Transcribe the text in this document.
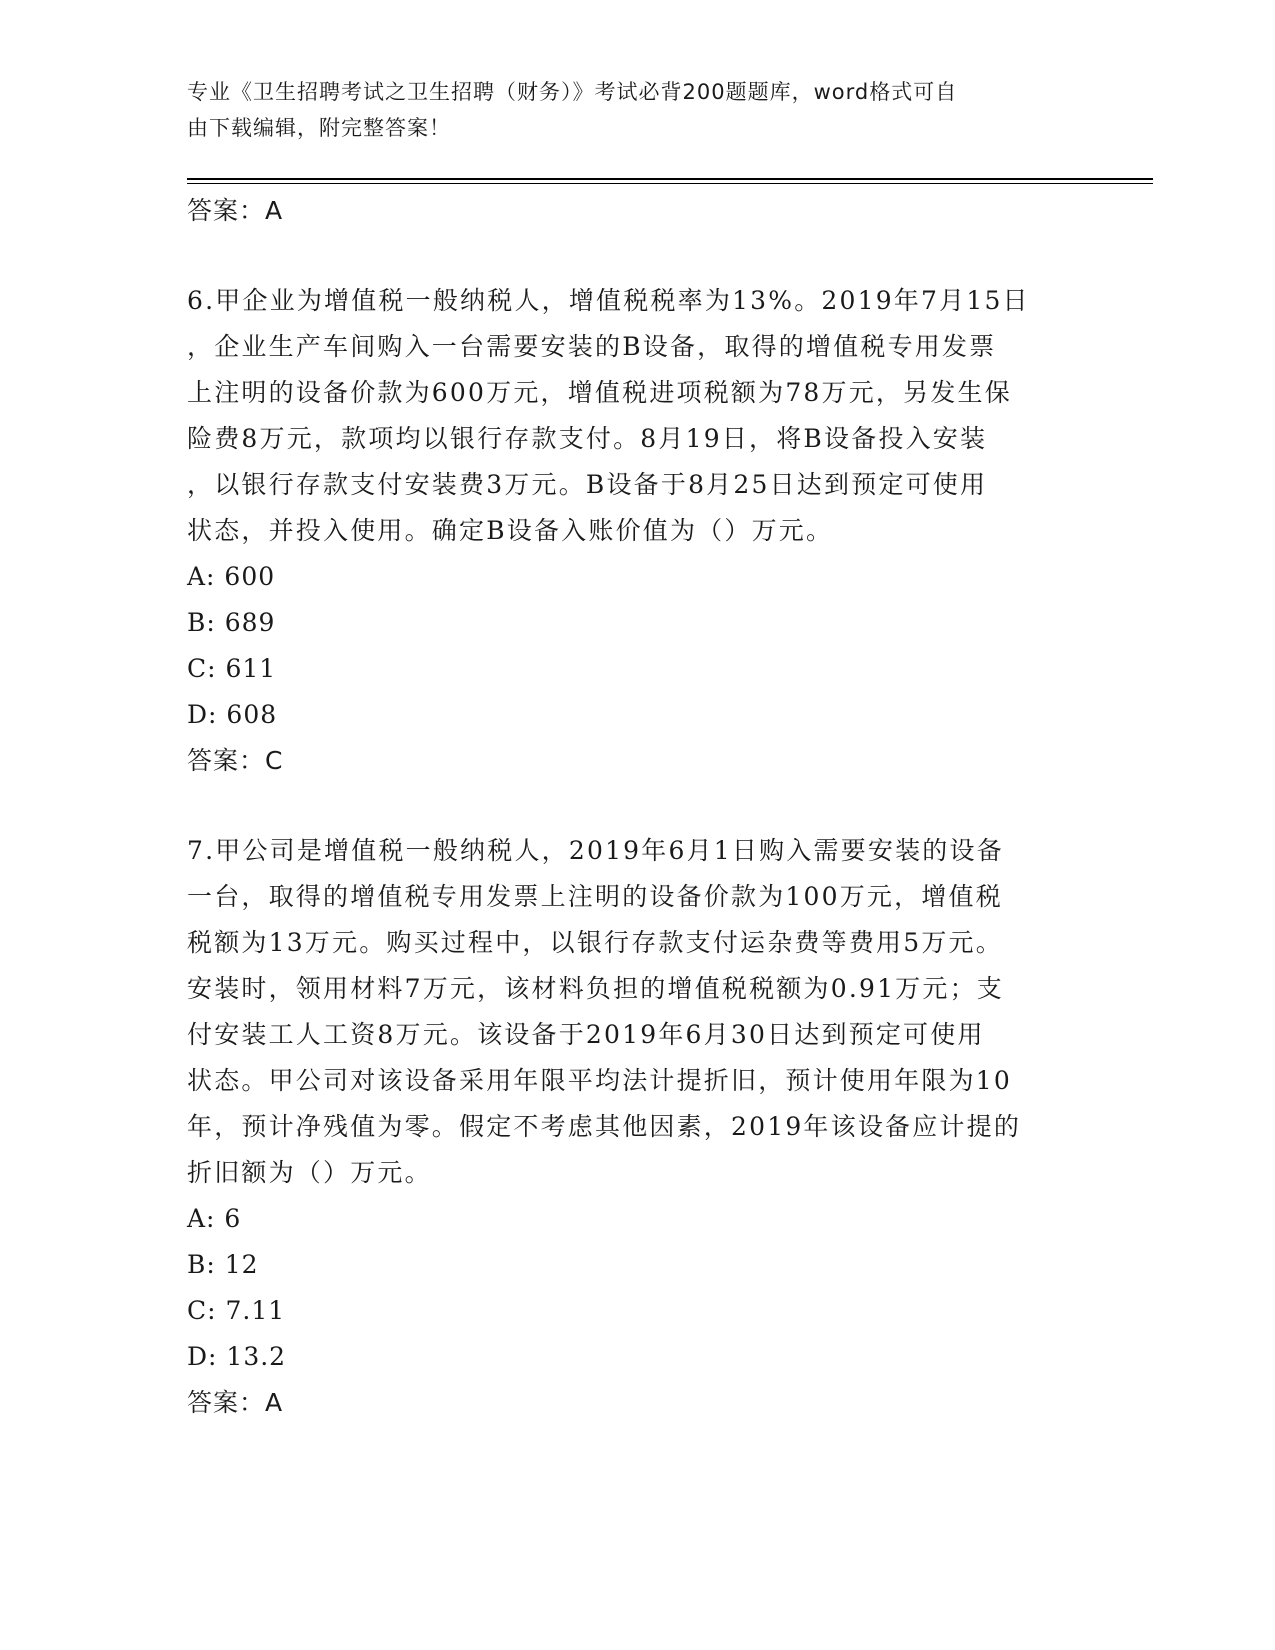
专业《卫生招聘考试之卫生招聘（财务）》考试必背200题题库，word格式可自
由下载编辑，附完整答案！

答案：A

6.甲企业为增值税一般纳税人，增值税税率为13%。2019年7月15日

，企业生产车间购入一台需要安装的B设备，取得的增值税专用发票

上注明的设备价款为600万元，增值税进项税额为78万元，另发生保

险费8万元，款项均以银行存款支付。8月19日，将B设备投入安装

，以银行存款支付安装费3万元。B设备于8月25日达到预定可使用

状态，并投入使用。确定B设备入账价值为（）万元。

A: 600

B: 689

C: 611

D: 608

答案：C

7.甲公司是增值税一般纳税人，2019年6月1日购入需要安装的设备

一台，取得的增值税专用发票上注明的设备价款为100万元，增值税

税额为13万元。购买过程中，以银行存款支付运杂费等费用5万元。

安装时，领用材料7万元，该材料负担的增值税税额为0.91万元；支

付安装工人工资8万元。该设备于2019年6月30日达到预定可使用

状态。甲公司对该设备采用年限平均法计提折旧，预计使用年限为10

年，预计净残值为零。假定不考虑其他因素，2019年该设备应计提的

折旧额为（）万元。

A: 6

B: 12

C: 7.11

D: 13.2

答案：A
